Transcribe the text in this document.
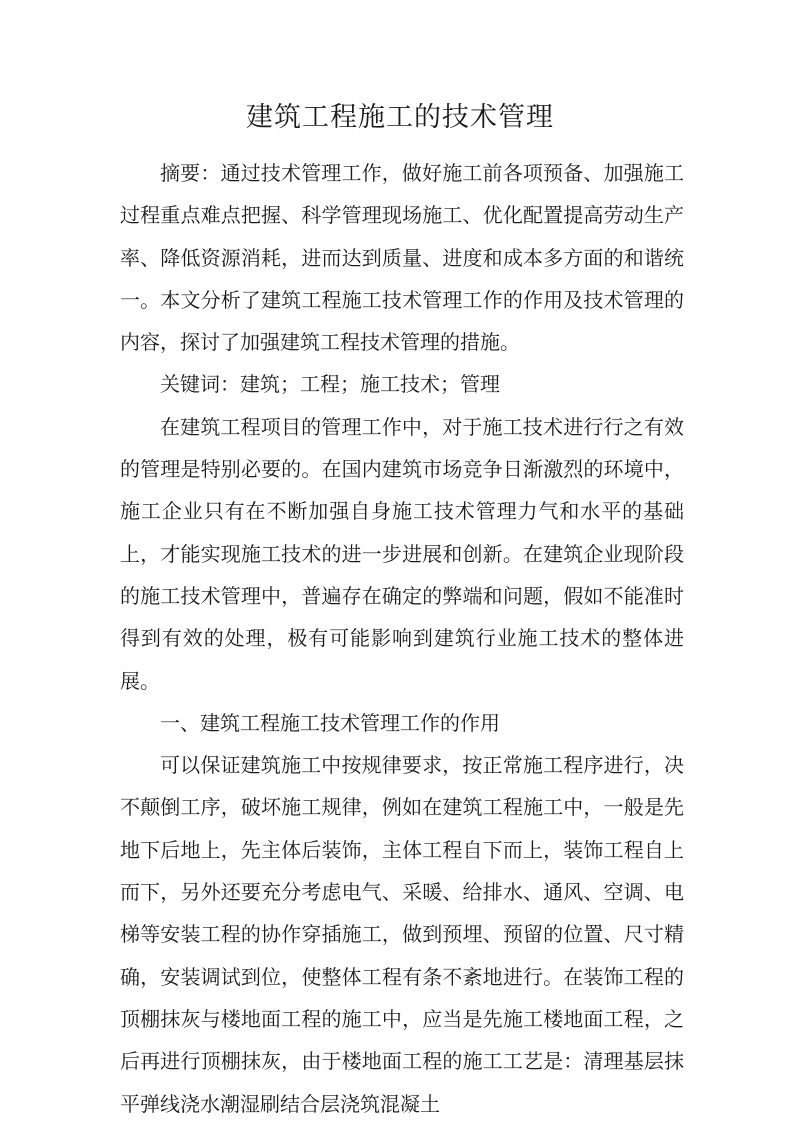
建筑工程施工的技术管理

摘要：通过技术管理工作，做好施工前各项预备、加强施工过程重点难点把握、科学管理现场施工、优化配置提高劳动生产率、降低资源消耗，进而达到质量、进度和成本多方面的和谐统一。本文分析了建筑工程施工技术管理工作的作用及技术管理的内容，探讨了加强建筑工程技术管理的措施。

关键词：建筑；工程；施工技术；管理

在建筑工程项目的管理工作中，对于施工技术进行行之有效的管理是特别必要的。在国内建筑市场竞争日渐激烈的环境中，施工企业只有在不断加强自身施工技术管理力气和水平的基础上，才能实现施工技术的进一步进展和创新。在建筑企业现阶段的施工技术管理中，普遍存在确定的弊端和问题，假如不能准时得到有效的处理，极有可能影响到建筑行业施工技术的整体进展。

一、建筑工程施工技术管理工作的作用

可以保证建筑施工中按规律要求，按正常施工程序进行，决不颠倒工序，破坏施工规律，例如在建筑工程施工中，一般是先地下后地上，先主体后装饰，主体工程自下而上，装饰工程自上而下，另外还要充分考虑电气、采暖、给排水、通风、空调、电梯等安装工程的协作穿插施工，做到预埋、预留的位置、尺寸精确，安装调试到位，使整体工程有条不紊地进行。在装饰工程的顶棚抹灰与楼地面工程的施工中，应当是先施工楼地面工程，之后再进行顶棚抹灰，由于楼地面工程的施工工艺是：清理基层抹平弹线浇水潮湿刷结合层浇筑混凝土
